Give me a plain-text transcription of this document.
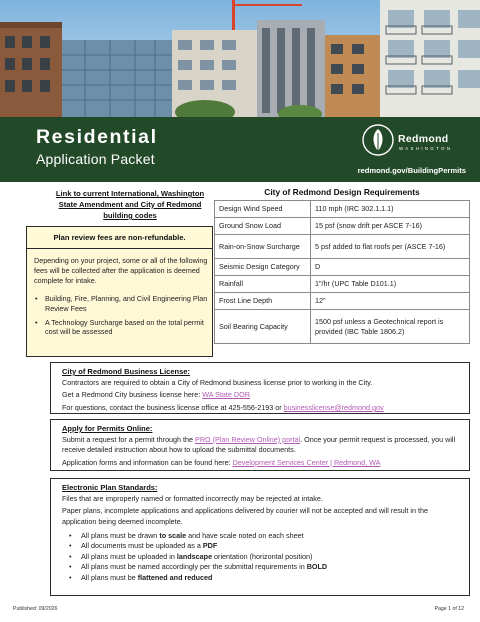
Residential
Application Packet
Redmond
WASHINGTON
redmond.gov/BuildingPermits
Link to current International, Washington State Amendment and City of Redmond building codes
Plan review fees are non-refundable.
Depending on your project, some or all of the following fees will be collected after the application is deemed complete for intake.
• Building, Fire, Planning, and Civil Engineering Plan Review Fees
• A Technology Surcharge based on the total permit cost will be assessed
City of Redmond Design Requirements
Design Wind Speed	110 mph (IRC 302.1.1.1)
Ground Snow Load	15 psf (snow drift per ASCE 7-16)
Rain-on-Snow Surcharge	5 psf added to flat roofs per (ASCE 7-16)
Seismic Design Category	D
Rainfall	1"/hr (UPC Table D101.1)
Frost Line Depth	12"
Soil Bearing Capacity	1500 psf unless a Geotechnical report is provided (IBC Table 1806.2)
City of Redmond Business License:

Contractors are required to obtain a City of Redmond business license prior to working in the City.

Get a Redmond City business license here: WA State DOR

For questions, contact the business license office at 425-556-2193 or businesslicense@redmond.gov

Apply for Permits Online:

Submit a request for a permit through the PRO (Plan Review Online) portal. Once your permit request is processed, you will receive detailed instruction about how to upload the submittal documents.

Application forms and information can be found here: Development Services Center | Redmond, WA

Electronic Plan Standards:

Files that are improperly named or formatted incorrectly may be rejected at intake.

Paper plans, incomplete applications and applications delivered by courier will not be accepted and will result in the application being deemed incomplete.

• All plans must be drawn to scale and have scale noted on each sheet
• All documents must be uploaded as a PDF
• All plans must be uploaded in landscape orientation (horizontal position)
• All plans must be named accordingly per the submittal requirements in BOLD
• All plans must be flattened and reduced
Published: 09/2026	Page 1 of 12
